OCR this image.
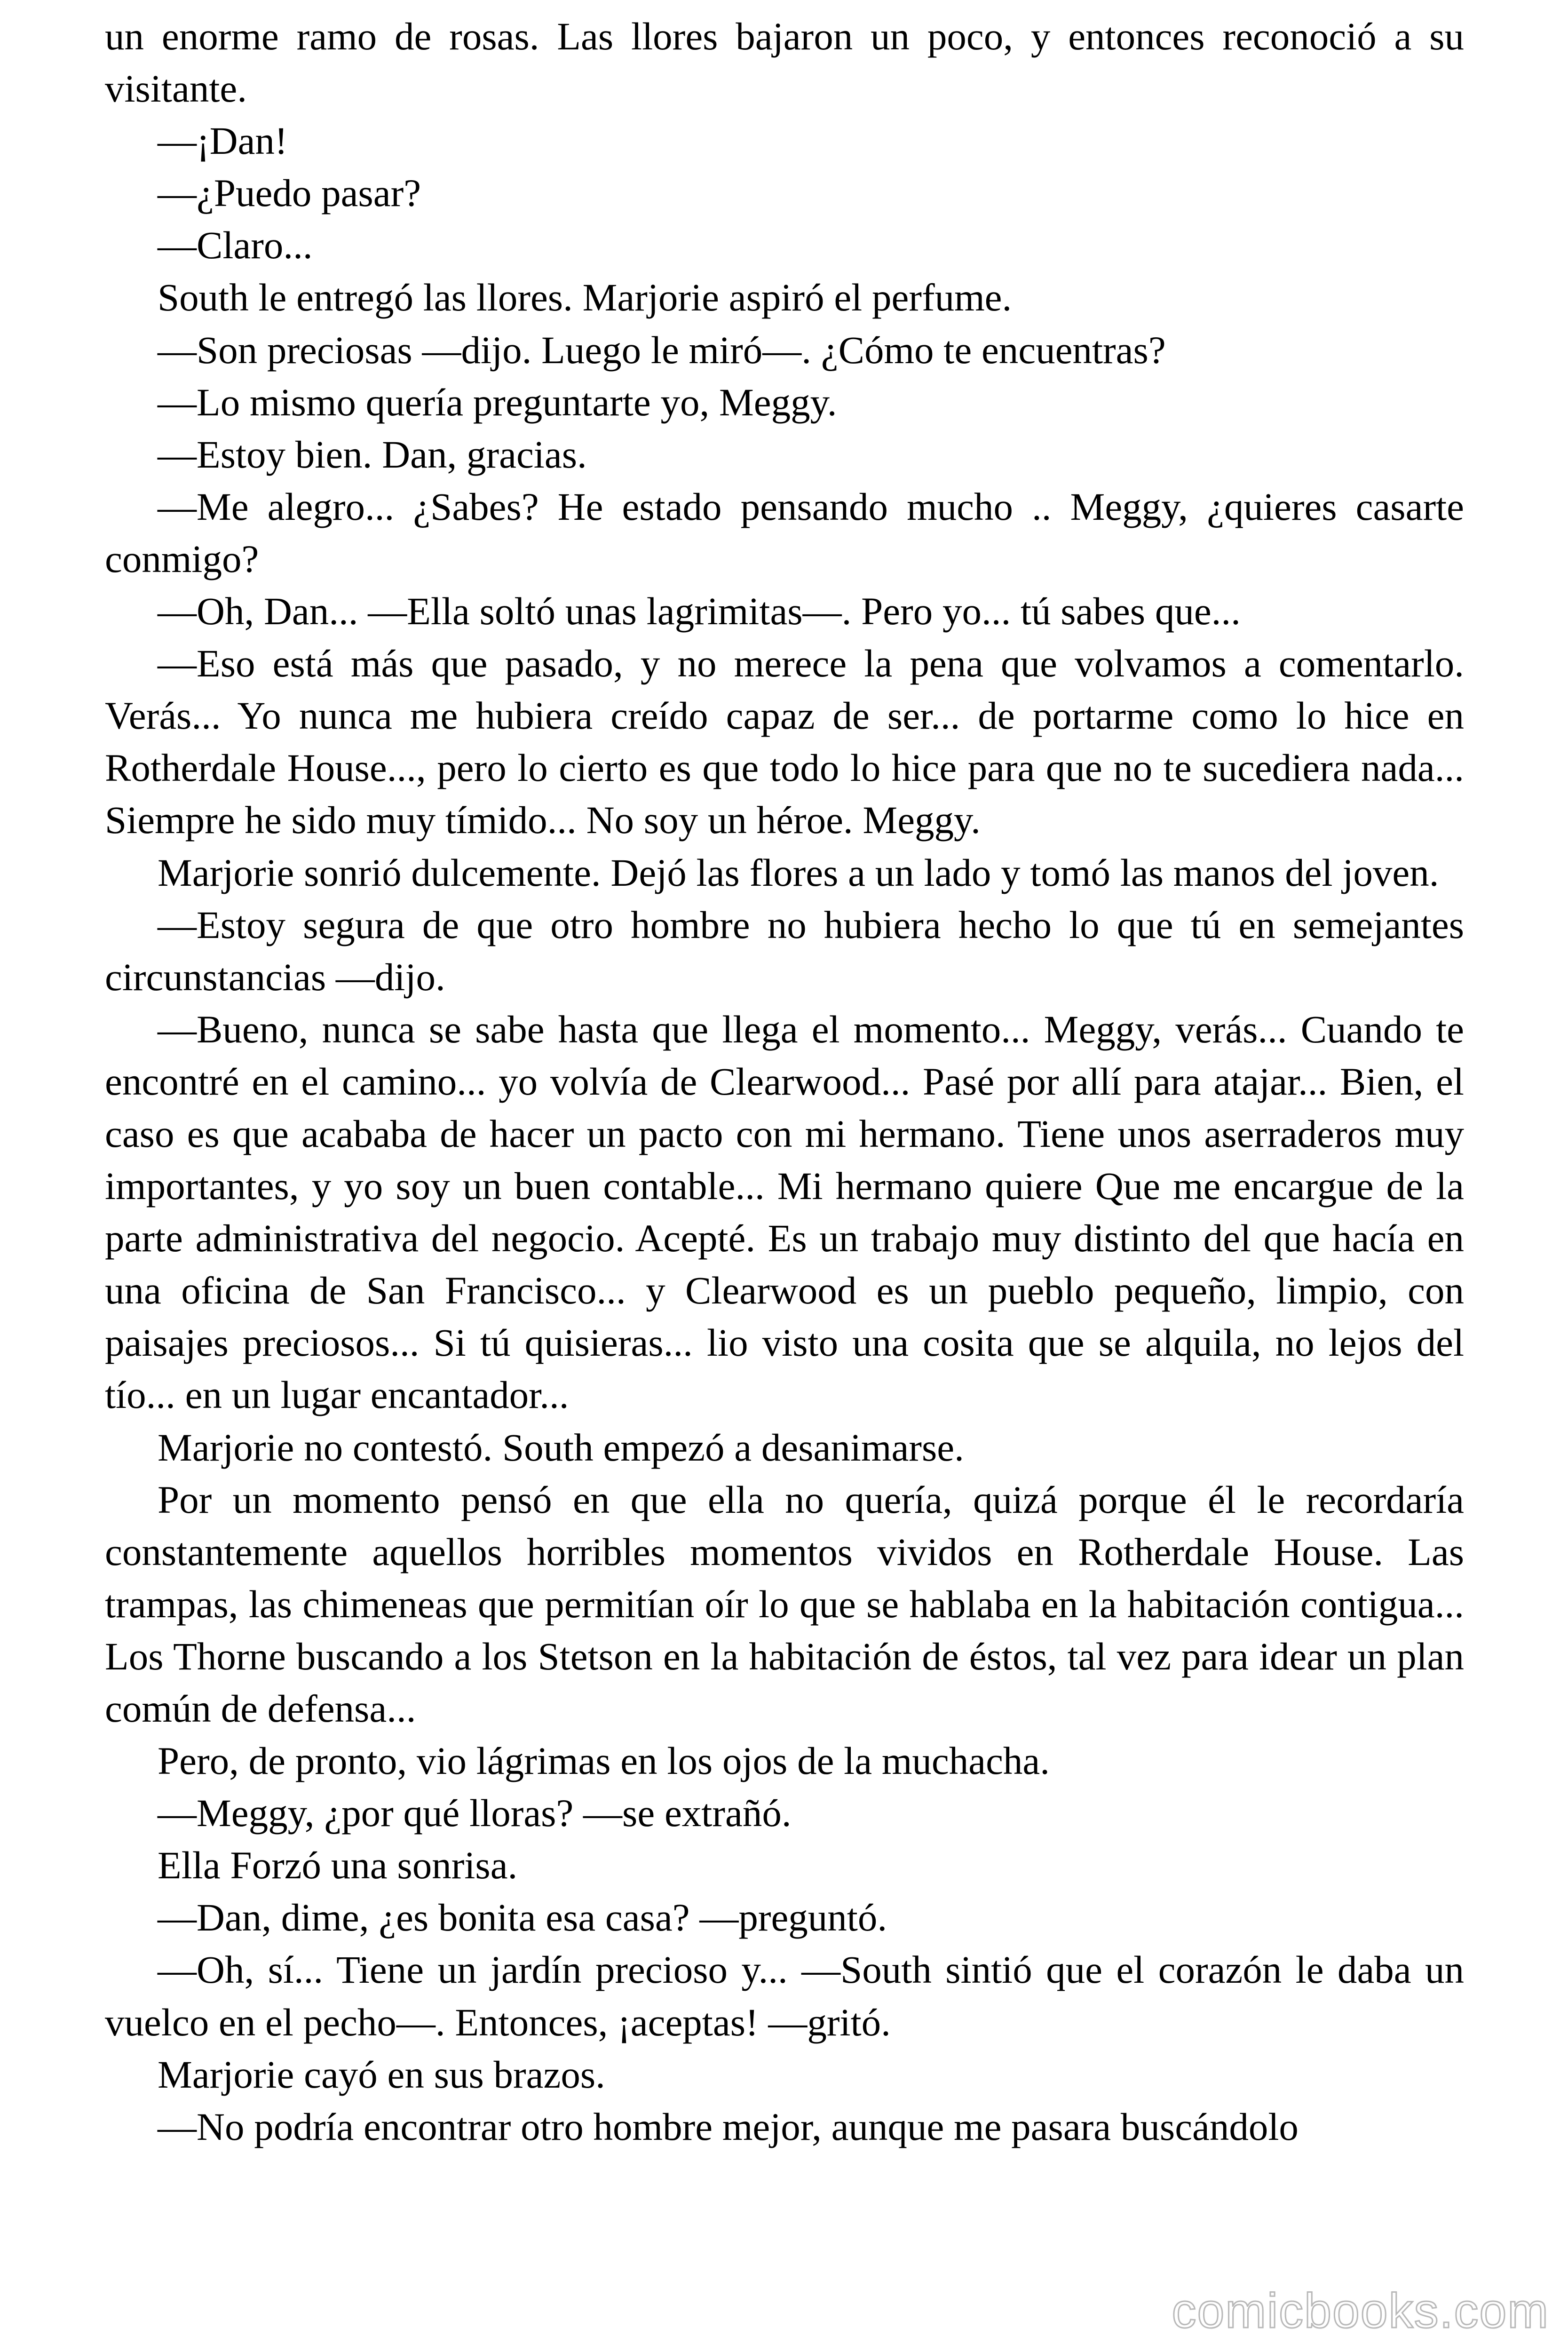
un enorme ramo de rosas. Las llores bajaron un poco, y entonces reconoció a su visitante.

—¡Dan!

—¿Puedo pasar?

—Claro...

South le entregó las llores. Marjorie aspiró el perfume.

—Son preciosas —dijo. Luego le miró—. ¿Cómo te encuentras?

—Lo mismo quería preguntarte yo, Meggy.

—Estoy bien. Dan, gracias.

—Me alegro... ¿Sabes? He estado pensando mucho .. Meggy, ¿quieres casarte conmigo?

—Oh, Dan... —Ella soltó unas lagrimitas—. Pero yo... tú sabes que...

—Eso está más que pasado, y no merece la pena que volvamos a comentarlo. Verás... Yo nunca me hubiera creído capaz de ser... de portarme como lo hice en Rotherdale House..., pero lo cierto es que todo lo hice para que no te sucediera nada... Siempre he sido muy tímido... No soy un héroe. Meggy.

Marjorie sonrió dulcemente. Dejó las flores a un lado y tomó las manos del joven.

—Estoy segura de que otro hombre no hubiera hecho lo que tú en semejantes circunstancias —dijo.

—Bueno, nunca se sabe hasta que llega el momento... Meggy, verás... Cuando te encontré en el camino... yo volvía de Clearwood... Pasé por allí para atajar... Bien, el caso es que acababa de hacer un pacto con mi hermano. Tiene unos aserraderos muy importantes, y yo soy un buen contable... Mi hermano quiere Que me encargue de la parte administrativa del negocio. Acepté. Es un trabajo muy distinto del que hacía en una oficina de San Francisco... y Clearwood es un pueblo pequeño, limpio, con paisajes preciosos... Si tú quisieras... lio visto una cosita que se alquila, no lejos del tío... en un lugar encantador...

Marjorie no contestó. South empezó a desanimarse.

Por un momento pensó en que ella no quería, quizá porque él le recordaría constantemente aquellos horribles momentos vividos en Rotherdale House. Las trampas, las chimeneas que permitían oír lo que se hablaba en la habitación contigua... Los Thorne buscando a los Stetson en la habitación de éstos, tal vez para idear un plan común de defensa...

Pero, de pronto, vio lágrimas en los ojos de la muchacha.

—Meggy, ¿por qué lloras? —se extrañó.

Ella Forzó una sonrisa.

—Dan, dime, ¿es bonita esa casa? —preguntó.

—Oh, sí... Tiene un jardín precioso y... —South sintió que el corazón le daba un vuelco en el pecho—. Entonces, ¡aceptas! —gritó.

Marjorie cayó en sus brazos.

—No podría encontrar otro hombre mejor, aunque me pasara buscándolo

comicbooks.com
